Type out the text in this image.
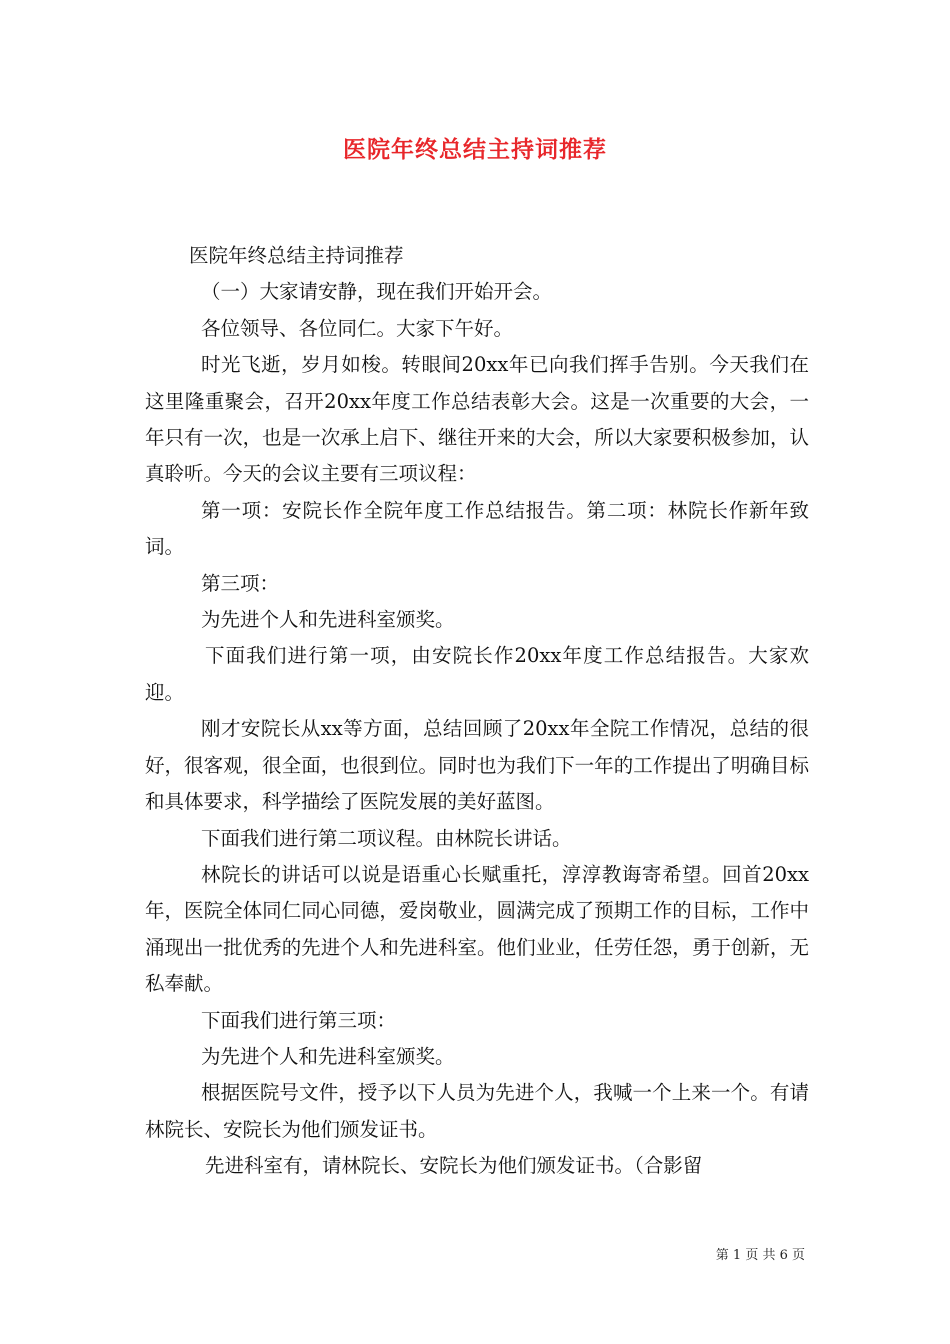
医院年终总结主持词推荐

医院年终总结主持词推荐

（一）大家请安静，现在我们开始开会。

各位领导、各位同仁。大家下午好。

时光飞逝，岁月如梭。转眼间20xx年已向我们挥手告别。今天我们在这里隆重聚会，召开20xx年度工作总结表彰大会。这是一次重要的大会，一年只有一次，也是一次承上启下、继往开来的大会，所以大家要积极参加，认真聆听。今天的会议主要有三项议程：

第一项：安院长作全院年度工作总结报告。第二项：林院长作新年致词。

第三项：

为先进个人和先进科室颁奖。

下面我们进行第一项，由安院长作20xx年度工作总结报告。大家欢迎。

刚才安院长从xx等方面，总结回顾了20xx年全院工作情况，总结的很好，很客观，很全面，也很到位。同时也为我们下一年的工作提出了明确目标和具体要求，科学描绘了医院发展的美好蓝图。

下面我们进行第二项议程。由林院长讲话。

林院长的讲话可以说是语重心长赋重托，淳淳教诲寄希望。回首20xx年，医院全体同仁同心同德，爱岗敬业，圆满完成了预期工作的目标，工作中涌现出一批优秀的先进个人和先进科室。他们业业，任劳任怨，勇于创新，无私奉献。

下面我们进行第三项：

为先进个人和先进科室颁奖。

根据医院号文件，授予以下人员为先进个人，我喊一个上来一个。有请林院长、安院长为他们颁发证书。

先进科室有，请林院长、安院长为他们颁发证书。（合影留

第 1 页 共 6 页
